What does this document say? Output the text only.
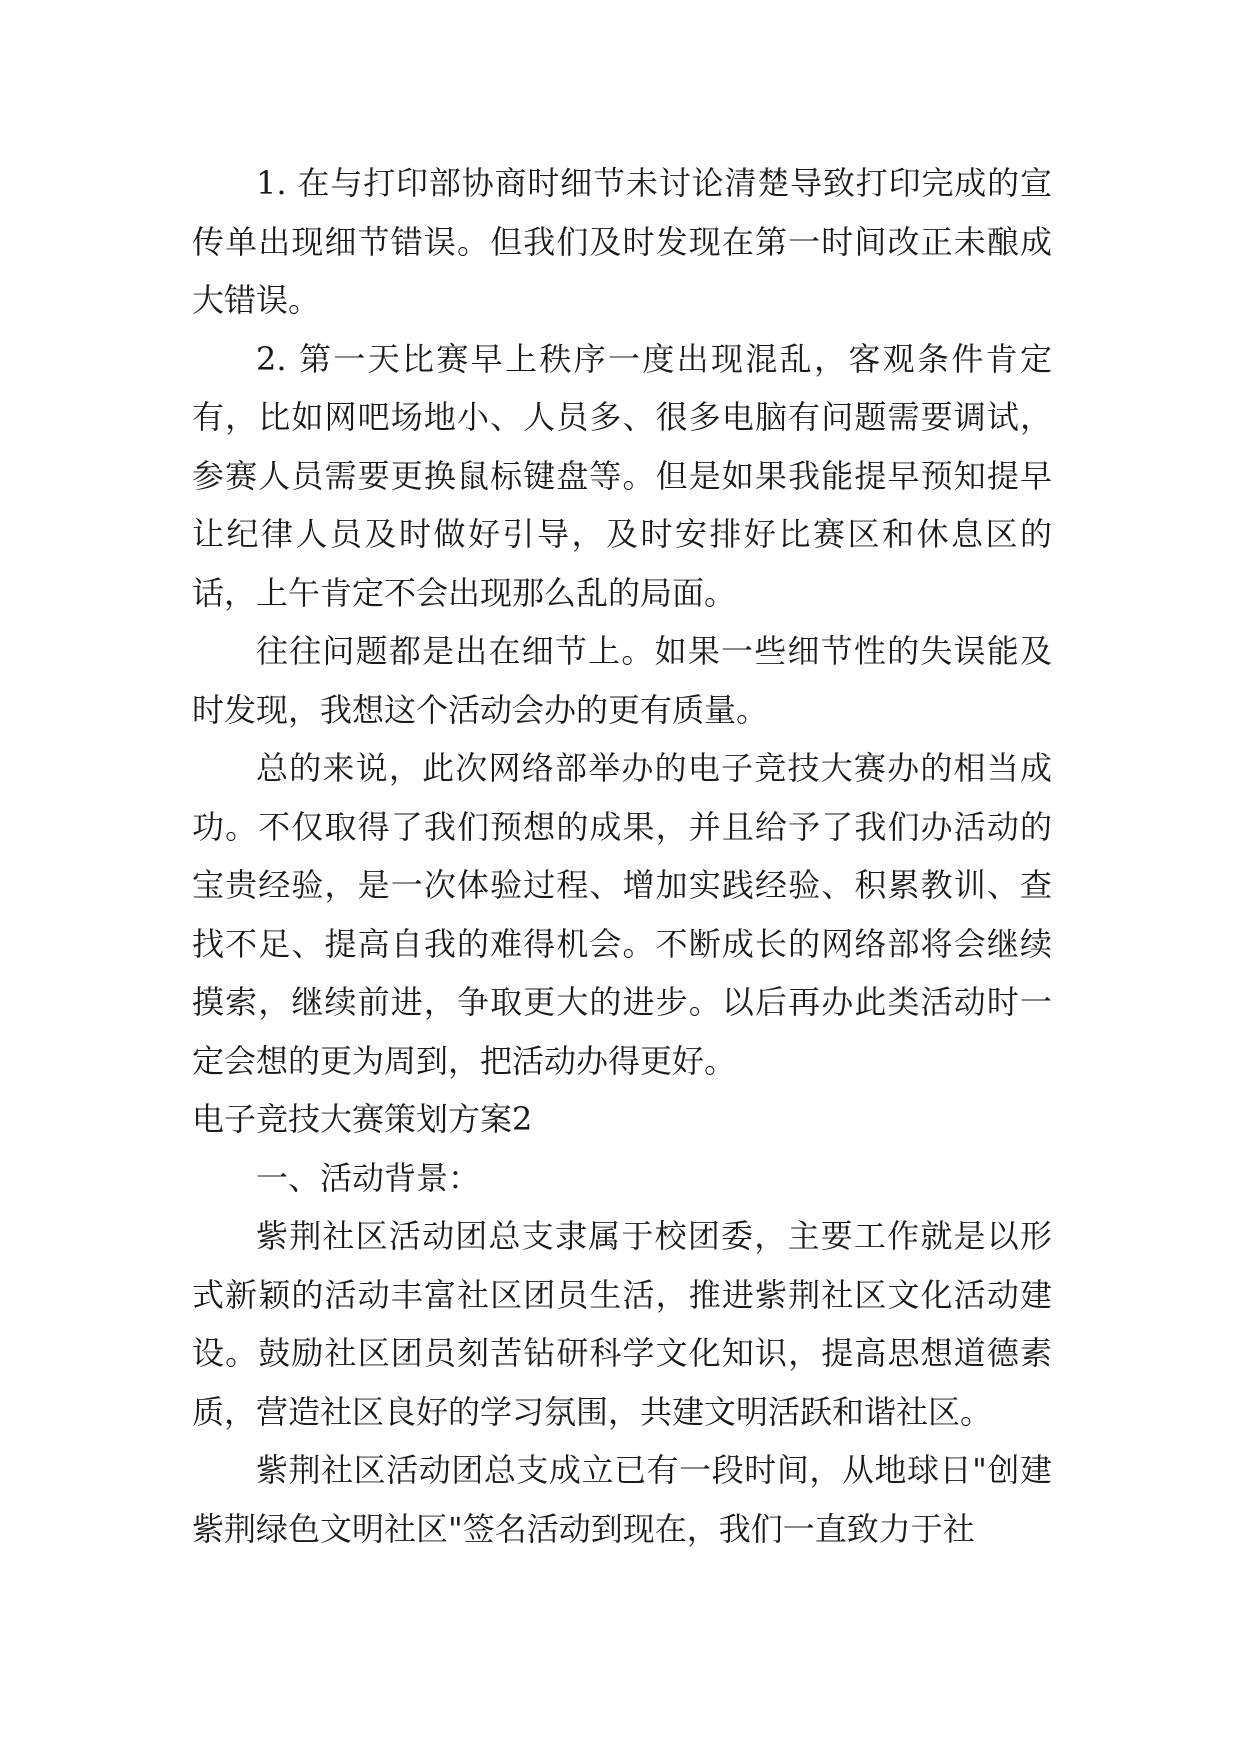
1. 在与打印部协商时细节未讨论清楚导致打印完成的宣传单出现细节错误。但我们及时发现在第一时间改正未酿成大错误。

2. 第一天比赛早上秩序一度出现混乱，客观条件肯定有，比如网吧场地小、人员多、很多电脑有问题需要调试，参赛人员需要更换鼠标键盘等。但是如果我能提早预知提早让纪律人员及时做好引导，及时安排好比赛区和休息区的话，上午肯定不会出现那么乱的局面。

往往问题都是出在细节上。如果一些细节性的失误能及时发现，我想这个活动会办的更有质量。

总的来说，此次网络部举办的电子竞技大赛办的相当成功。不仅取得了我们预想的成果，并且给予了我们办活动的宝贵经验，是一次体验过程、增加实践经验、积累教训、查找不足、提高自我的难得机会。不断成长的网络部将会继续摸索，继续前进，争取更大的进步。以后再办此类活动时一定会想的更为周到，把活动办得更好。

电子竞技大赛策划方案2

一、活动背景：

紫荆社区活动团总支隶属于校团委，主要工作就是以形式新颖的活动丰富社区团员生活，推进紫荆社区文化活动建设。鼓励社区团员刻苦钻研科学文化知识，提高思想道德素质，营造社区良好的学习氛围，共建文明活跃和谐社区。

紫荆社区活动团总支成立已有一段时间，从地球日"创建紫荆绿色文明社区"签名活动到现在，我们一直致力于社
